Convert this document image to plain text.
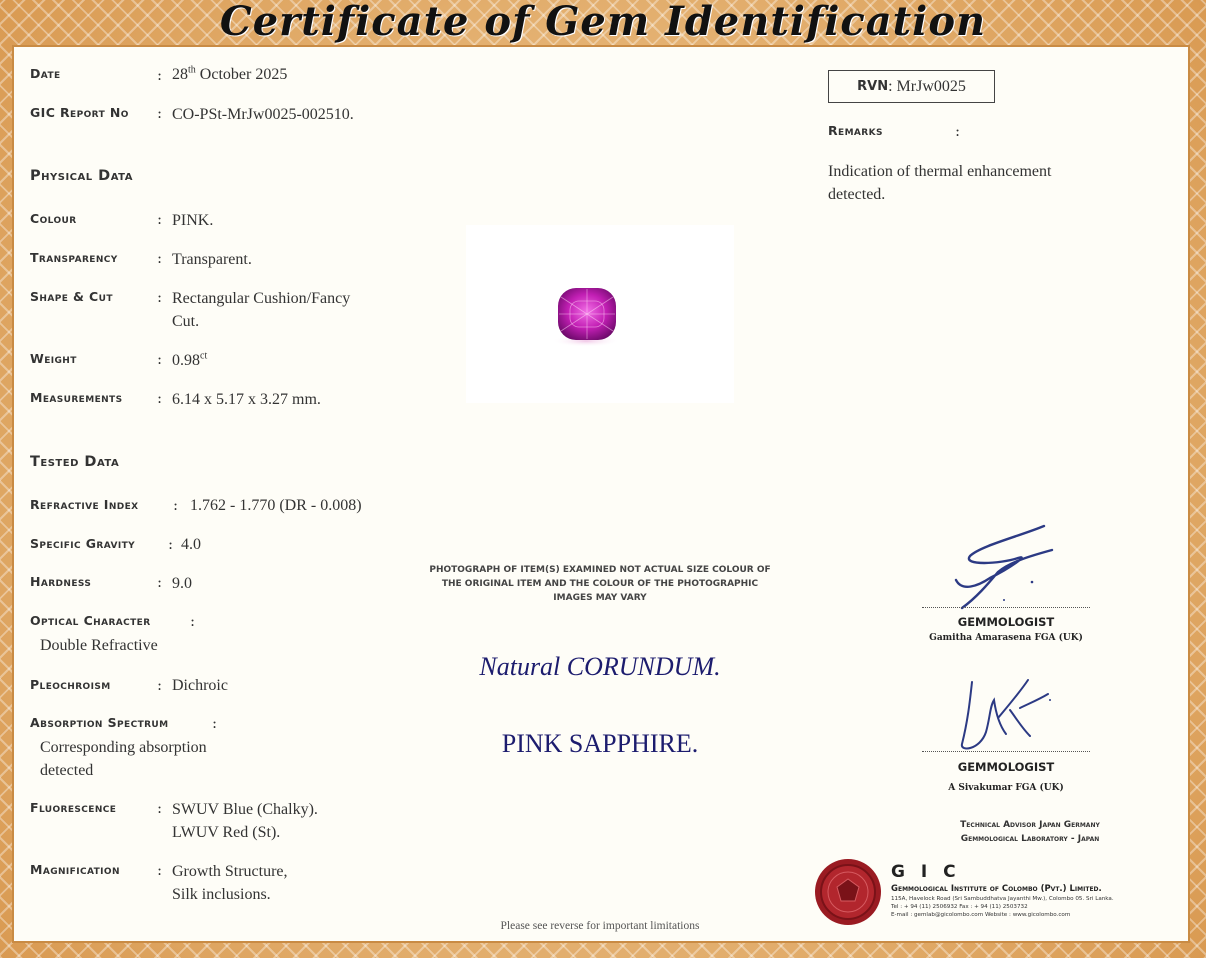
Certificate of Gem Identification
Date	: 28th October 2025
GIC Report No : CO-PSt-MrJw0025-002510.
Physical Data
Colour	: PINK.
Transparency	: Transparent.
Shape & Cut	: Rectangular Cushion/Fancy
Cut.
Weight	: $0.98^{ct}$
Measurements : 6.14 x 5.17 x 3.27 mm.
Tested Data
Refractive Index : 1.762 - 1.770 (DR - 0.008)
Specific Gravity : 4.0
Hardness	: 9.0
Optical Character	:
Double Refractive
Pleochroism	: Dichroic
Absorption Spectrum	:
Corresponding absorption
detected
Fluorescence	: SWUV Blue (Chalky).
LWUV Red (St).
Magnification : Growth Structure,
Silk inclusions.
RVN : MrJw0025
Remarks	:
Indication of thermal enhancement
detected.
PHOTOGRAPH OF ITEM(S) EXAMINED NOT ACTUAL SIZE COLOUR OF
THE ORIGINAL ITEM AND THE COLOUR OF THE PHOTOGRAPHIC
IMAGES MAY VARY
Natural CORUNDUM.
PINK SAPPHIRE.
GEMMOLOGIST
Gamitha Amarasena FGA (UK)
GEMMOLOGIST
A Sivakumar FGA (UK)
Technical Advisor Japan Germany
Gemmological Laboratory - Japan
G I C
Gemmological Institute of Colombo (Pvt.) Limited.
115A, Havelock Road (Sri Sambuddhatva Jayanthi Mw.), Colombo 05. Sri Lanka.
Tel : + 94 (11) 2506932 Fax : + 94 (11) 2503732
E-mail : gemlab@gicolombo.com Website : www.gicolombo.com
Please see reverse for important limitations
